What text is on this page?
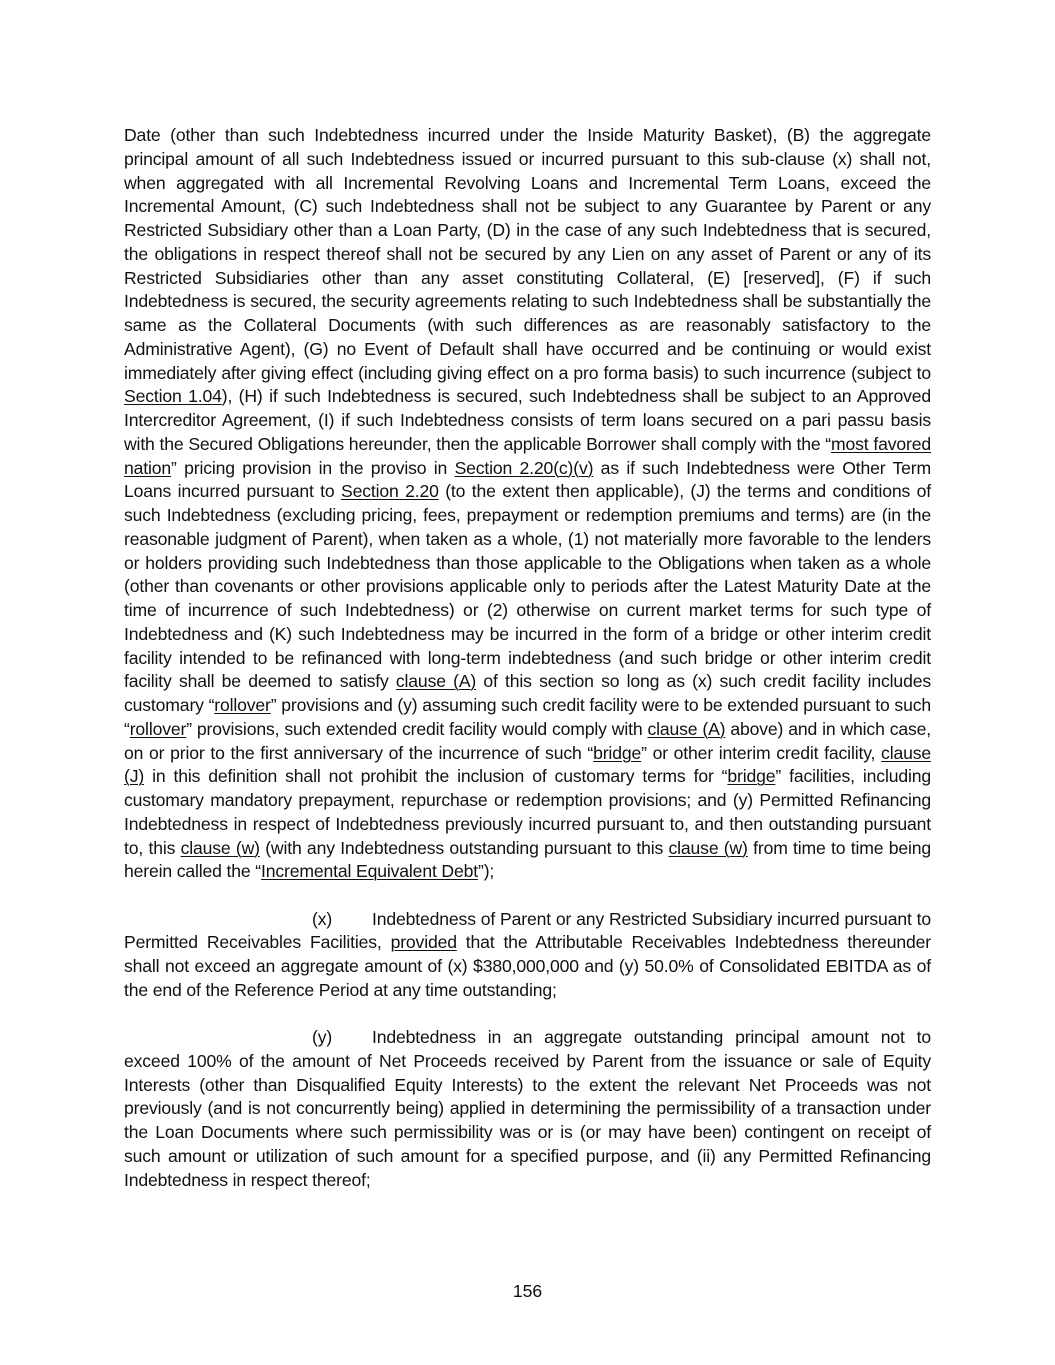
Date (other than such Indebtedness incurred under the Inside Maturity Basket), (B) the aggregate principal amount of all such Indebtedness issued or incurred pursuant to this sub-clause (x) shall not, when aggregated with all Incremental Revolving Loans and Incremental Term Loans, exceed the Incremental Amount, (C) such Indebtedness shall not be subject to any Guarantee by Parent or any Restricted Subsidiary other than a Loan Party, (D) in the case of any such Indebtedness that is secured, the obligations in respect thereof shall not be secured by any Lien on any asset of Parent or any of its Restricted Subsidiaries other than any asset constituting Collateral, (E) [reserved], (F) if such Indebtedness is secured, the security agreements relating to such Indebtedness shall be substantially the same as the Collateral Documents (with such differences as are reasonably satisfactory to the Administrative Agent), (G) no Event of Default shall have occurred and be continuing or would exist immediately after giving effect (including giving effect on a pro forma basis) to such incurrence (subject to Section 1.04), (H) if such Indebtedness is secured, such Indebtedness shall be subject to an Approved Intercreditor Agreement, (I) if such Indebtedness consists of term loans secured on a pari passu basis with the Secured Obligations hereunder, then the applicable Borrower shall comply with the “most favored nation” pricing provision in the proviso in Section 2.20(c)(v) as if such Indebtedness were Other Term Loans incurred pursuant to Section 2.20 (to the extent then applicable), (J) the terms and conditions of such Indebtedness (excluding pricing, fees, prepayment or redemption premiums and terms) are (in the reasonable judgment of Parent), when taken as a whole, (1) not materially more favorable to the lenders or holders providing such Indebtedness than those applicable to the Obligations when taken as a whole (other than covenants or other provisions applicable only to periods after the Latest Maturity Date at the time of incurrence of such Indebtedness) or (2) otherwise on current market terms for such type of Indebtedness and (K) such Indebtedness may be incurred in the form of a bridge or other interim credit facility intended to be refinanced with long-term indebtedness (and such bridge or other interim credit facility shall be deemed to satisfy clause (A) of this section so long as (x) such credit facility includes customary “rollover” provisions and (y) assuming such credit facility were to be extended pursuant to such “rollover” provisions, such extended credit facility would comply with clause (A) above) and in which case, on or prior to the first anniversary of the incurrence of such “bridge” or other interim credit facility, clause (J) in this definition shall not prohibit the inclusion of customary terms for “bridge” facilities, including customary mandatory prepayment, repurchase or redemption provisions; and (y) Permitted Refinancing Indebtedness in respect of Indebtedness previously incurred pursuant to, and then outstanding pursuant to, this clause (w) (with any Indebtedness outstanding pursuant to this clause (w) from time to time being herein called the “Incremental Equivalent Debt”);

(x) Indebtedness of Parent or any Restricted Subsidiary incurred pursuant to Permitted Receivables Facilities, provided that the Attributable Receivables Indebtedness thereunder shall not exceed an aggregate amount of (x) $380,000,000 and (y) 50.0% of Consolidated EBITDA as of the end of the Reference Period at any time outstanding;

(y) Indebtedness in an aggregate outstanding principal amount not to exceed 100% of the amount of Net Proceeds received by Parent from the issuance or sale of Equity Interests (other than Disqualified Equity Interests) to the extent the relevant Net Proceeds was not previously (and is not concurrently being) applied in determining the permissibility of a transaction under the Loan Documents where such permissibility was or is (or may have been) contingent on receipt of such amount or utilization of such amount for a specified purpose, and (ii) any Permitted Refinancing Indebtedness in respect thereof;

156
